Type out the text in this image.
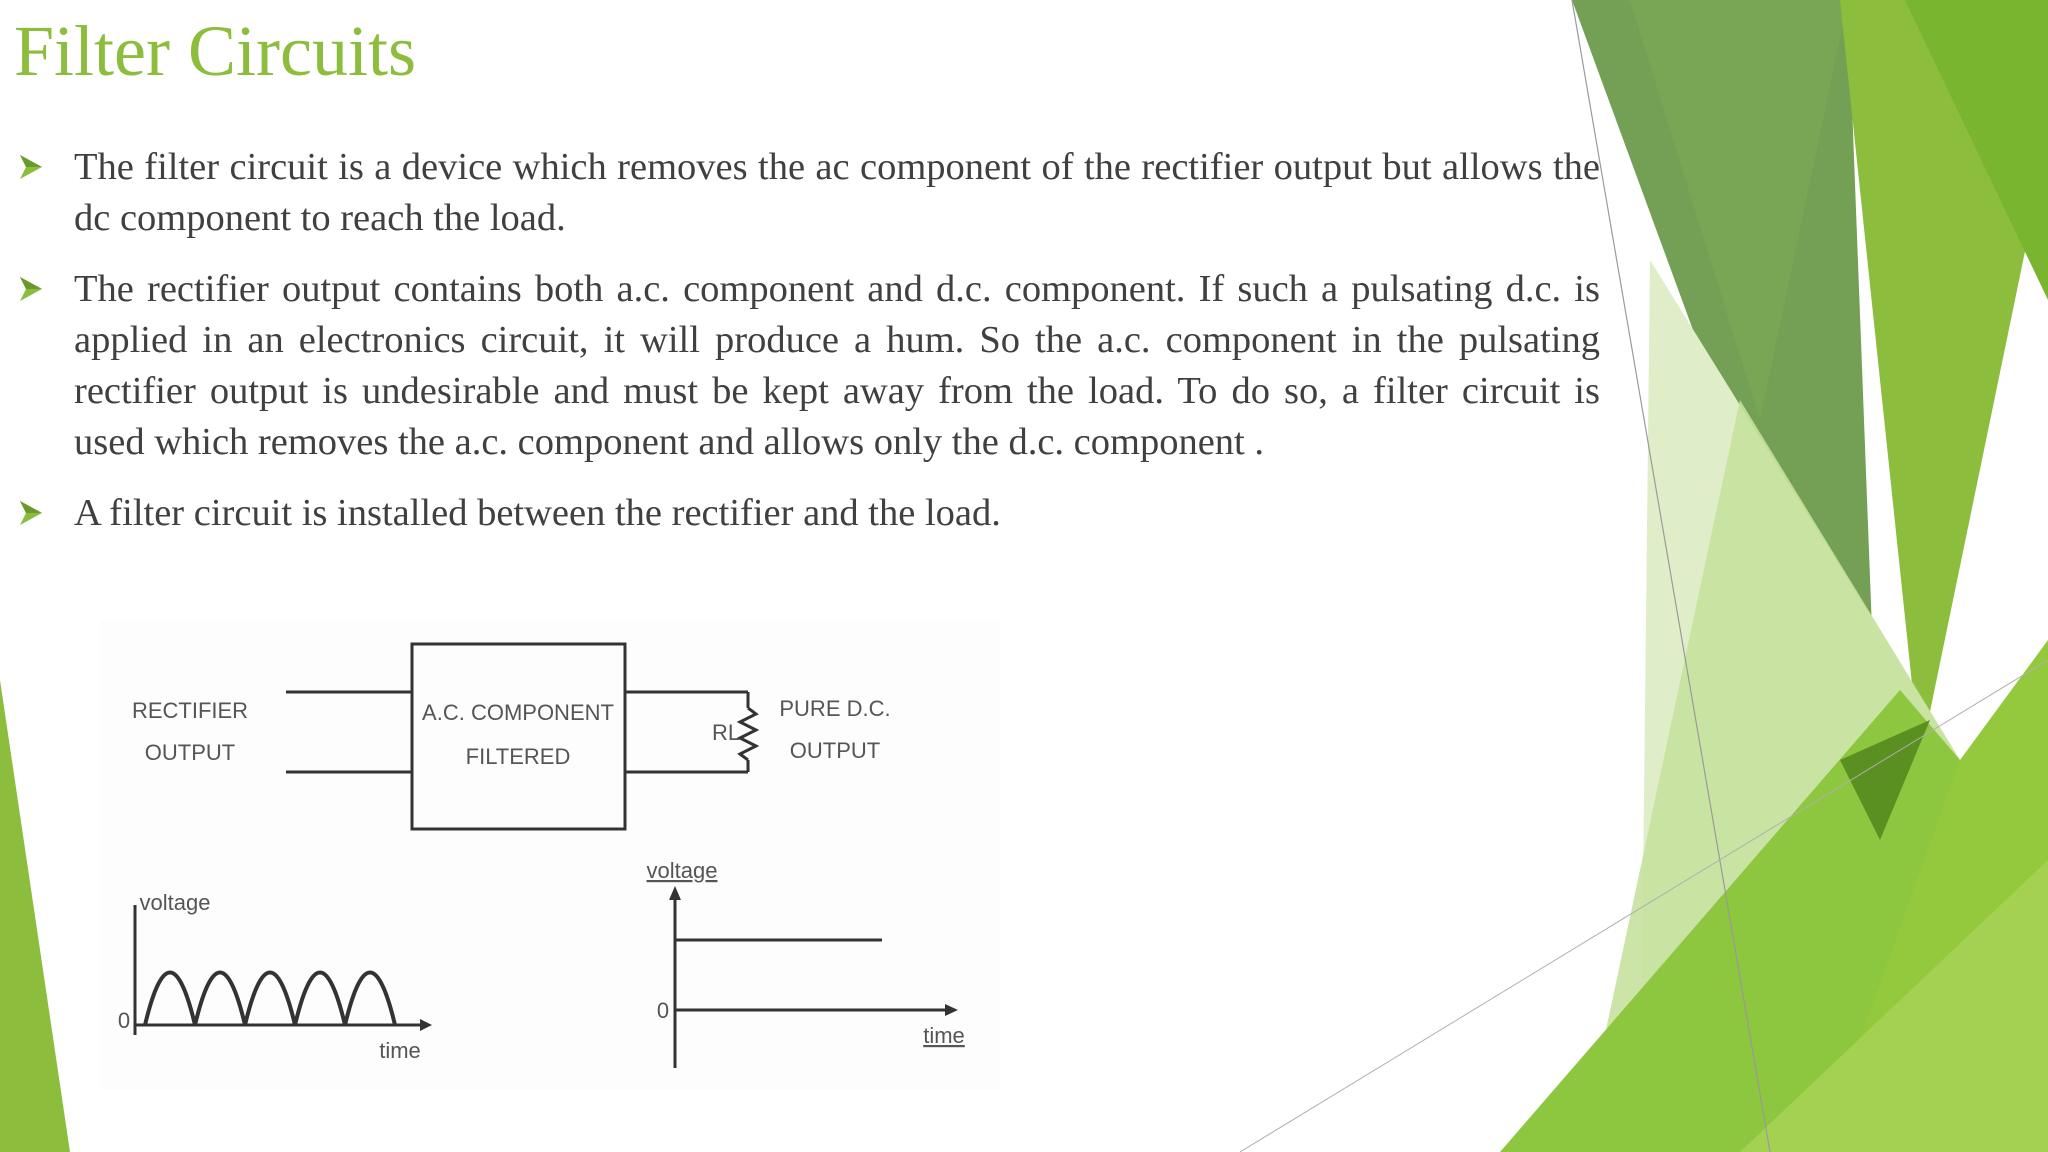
Filter Circuits
The filter circuit is a device which removes the ac component of the rectifier output but allows the dc component to reach the load.
The rectifier output contains both a.c. component and d.c. component. If such a pulsating d.c. is applied in an electronics circuit, it will produce a hum. So the a.c. component in the pulsating rectifier output is undesirable and must be kept away from the load. To do so, a filter circuit is used which removes the a.c. component and allows only the d.c. component .
A filter circuit is installed between the rectifier and the load.
RECTIFIER
OUTPUT
A.C. COMPONENT
FILTERED
RL
PURE D.C.
OUTPUT
voltage
time
0
voltage
time
0
